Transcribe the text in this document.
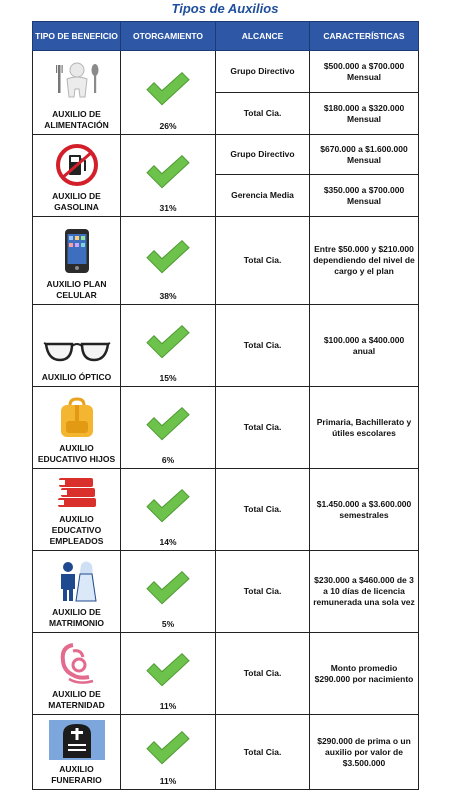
Tipos de Auxilios
TIPO DE BENEFICIO	OTORGAMIENTO	ALCANCE	CARACTERÍSTICAS

AUXILIO DE ALIMENTACIÓN	26%	Grupo Directivo	$500.000 a $700.000 Mensual
		Total Cia.	$180.000 a $320.000 Mensual

AUXILIO DE GASOLINA	31%	Grupo Directivo	$670.000 a $1.600.000 Mensual
		Gerencia Media	$350.000 a $700.000 Mensual

AUXILIO PLAN CELULAR	38%	Total Cia.	Entre $50.000 y $210.000 dependiendo del nivel de cargo y el plan

AUXILIO ÓPTICO	15%	Total Cia.	$100.000 a $400.000 anual

AUXILIO EDUCATIVO HIJOS	6%	Total Cia.	Primaria, Bachillerato y útiles escolares

AUXILIO EDUCATIVO EMPLEADOS	14%	Total Cia.	$1.450.000 a $3.600.000 semestrales

AUXILIO DE MATRIMONIO	5%	Total Cia.	$230.000 a $460.000 de 3 a 10 días de licencia remunerada una sola vez

AUXILIO DE MATERNIDAD	11%	Total Cia.	Monto promedio $290.000 por nacimiento

AUXILIO FUNERARIO	11%	Total Cia.	$290.000 de prima o un auxilio por valor de $3.500.000
